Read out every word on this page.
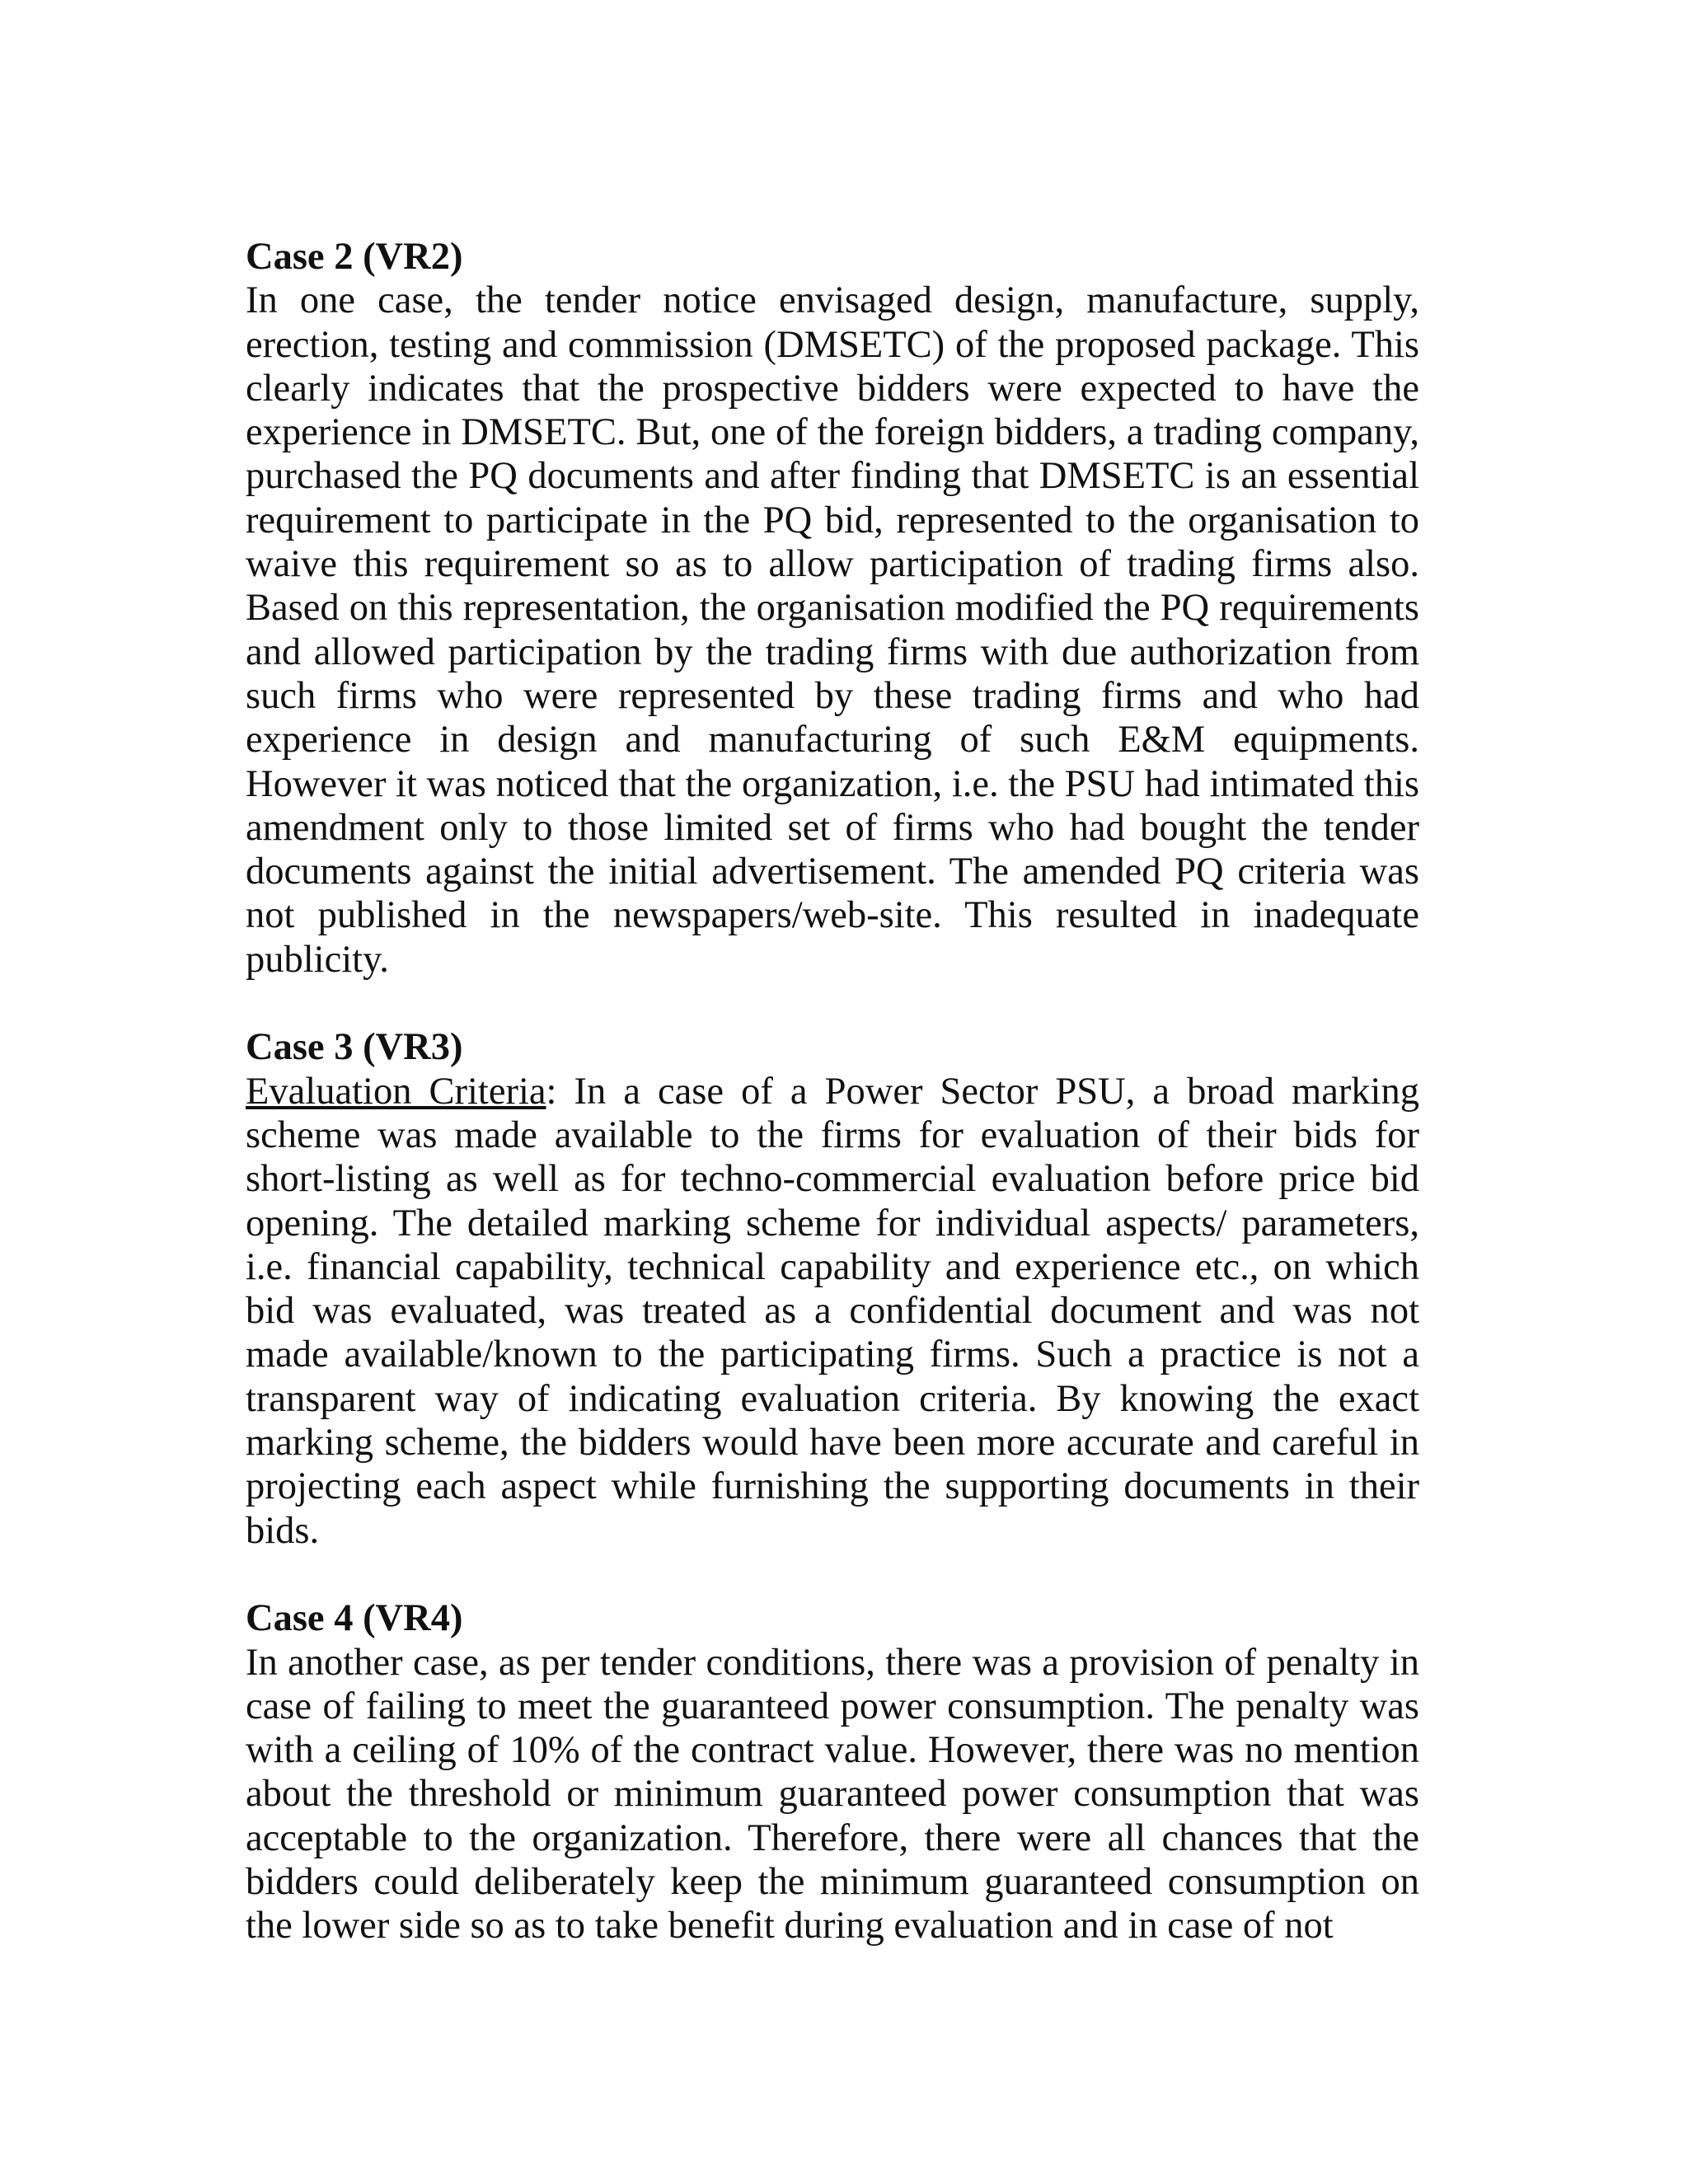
Case 2 (VR2)

In one case, the tender notice envisaged design, manufacture, supply, erection, testing and commission (DMSETC) of the proposed package. This clearly indicates that the prospective bidders were expected to have the experience in DMSETC. But, one of the foreign bidders, a trading company, purchased the PQ documents and after finding that DMSETC is an essential requirement to participate in the PQ bid, represented to the organisation to waive this requirement so as to allow participation of trading firms also. Based on this representation, the organisation modified the PQ requirements and allowed participation by the trading firms with due authorization from such firms who were represented by these trading firms and who had experience in design and manufacturing of such E&M equipments. However it was noticed that the organization, i.e. the PSU had intimated this amendment only to those limited set of firms who had bought the tender documents against the initial advertisement. The amended PQ criteria was not published in the newspapers/web-site. This resulted in inadequate publicity.

Case 3 (VR3)

Evaluation Criteria: In a case of a Power Sector PSU, a broad marking scheme was made available to the firms for evaluation of their bids for short-listing as well as for techno-commercial evaluation before price bid opening. The detailed marking scheme for individual aspects/ parameters, i.e. financial capability, technical capability and experience etc., on which bid was evaluated, was treated as a confidential document and was not made available/known to the participating firms. Such a practice is not a transparent way of indicating evaluation criteria. By knowing the exact marking scheme, the bidders would have been more accurate and careful in projecting each aspect while furnishing the supporting documents in their bids.

Case 4 (VR4)

In another case, as per tender conditions, there was a provision of penalty in case of failing to meet the guaranteed power consumption. The penalty was with a ceiling of 10% of the contract value. However, there was no mention about the threshold or minimum guaranteed power consumption that was acceptable to the organization. Therefore, there were all chances that the bidders could deliberately keep the minimum guaranteed consumption on the lower side so as to take benefit during evaluation and in case of not
